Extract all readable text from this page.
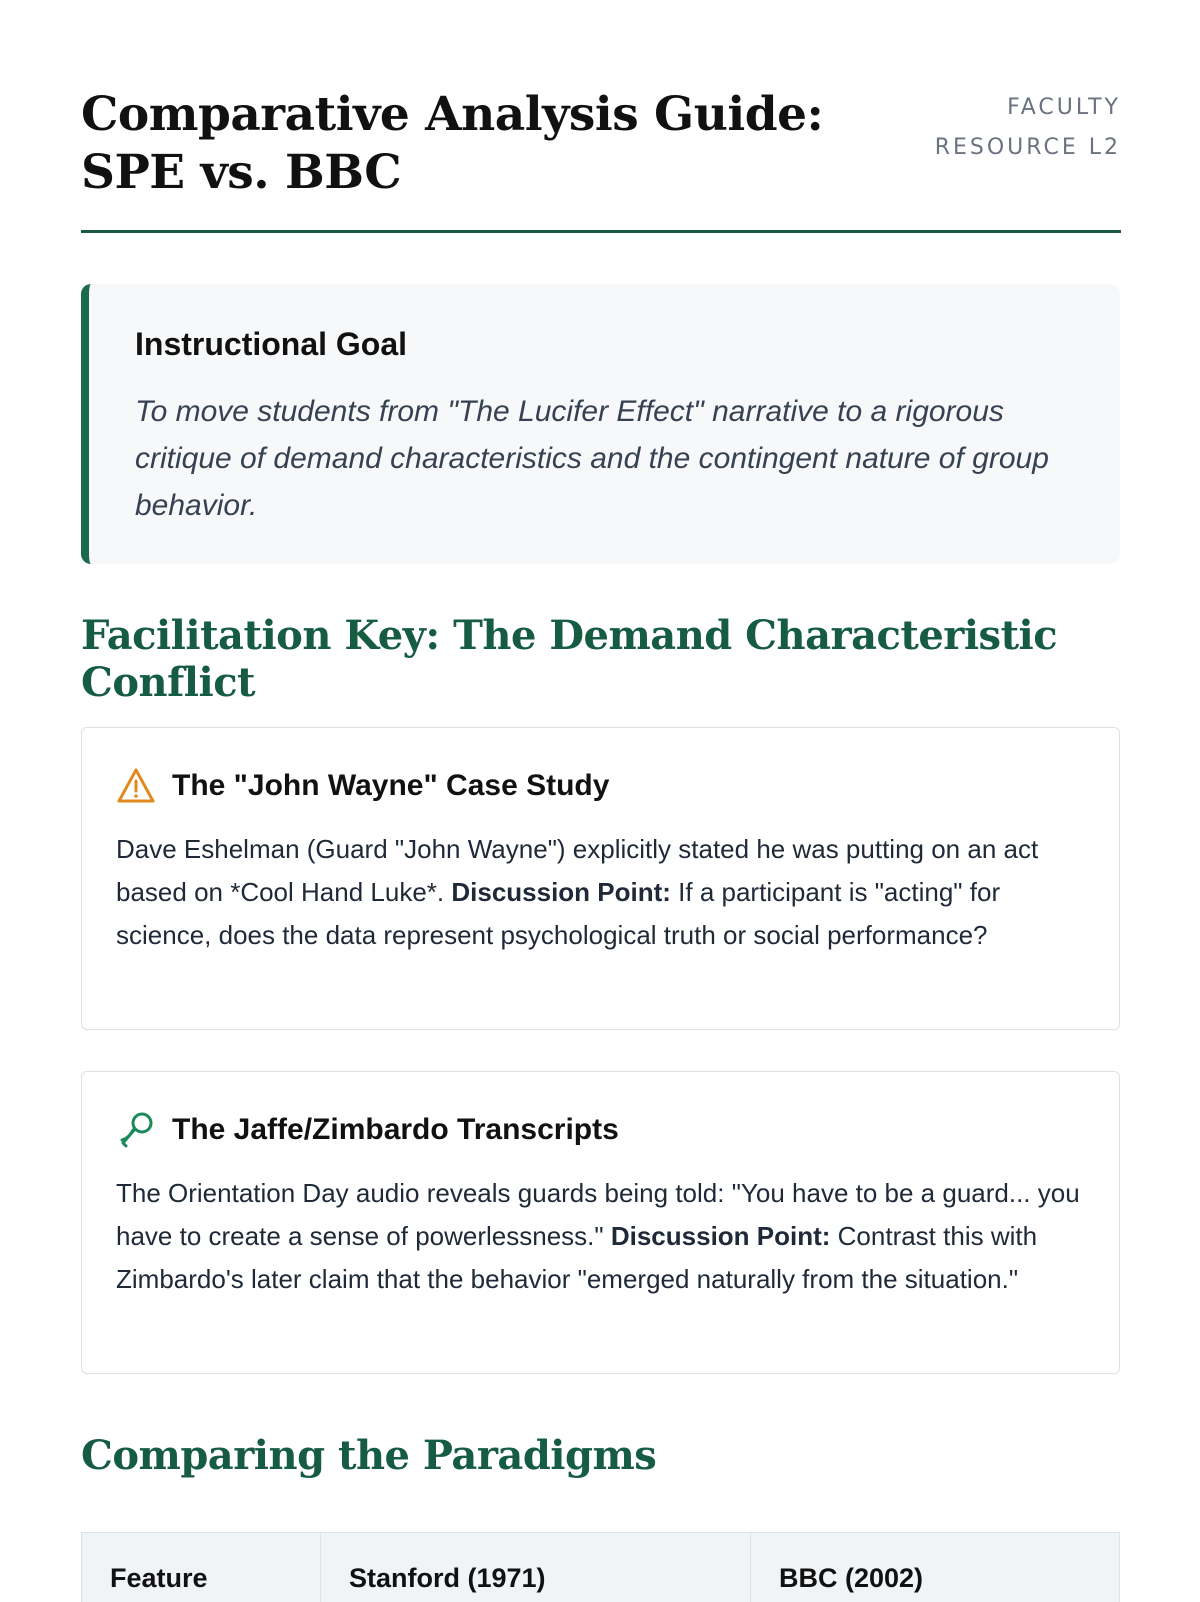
Comparative Analysis Guide: SPE vs. BBC
FACULTY
RESOURCE L2
Instructional Goal
To move students from "The Lucifer Effect" narrative to a rigorous critique of demand characteristics and the contingent nature of group behavior.
Facilitation Key: The Demand Characteristic Conflict
The "John Wayne" Case Study
Dave Eshelman (Guard "John Wayne") explicitly stated he was putting on an act based on *Cool Hand Luke*. Discussion Point: If a participant is "acting" for science, does the data represent psychological truth or social performance?
The Jaffe/Zimbardo Transcripts
The Orientation Day audio reveals guards being told: "You have to be a guard... you have to create a sense of powerlessness." Discussion Point: Contrast this with Zimbardo's later claim that the behavior "emerged naturally from the situation."
Comparing the Paradigms
Feature	Stanford (1971)	BBC (2002)
